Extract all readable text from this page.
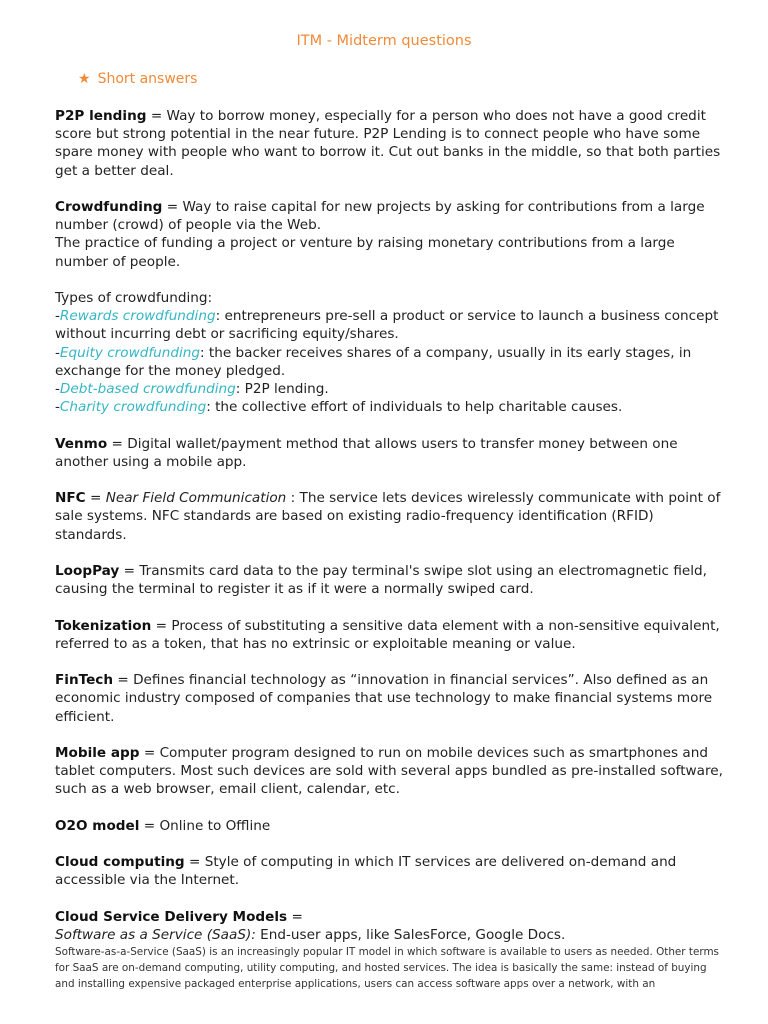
ITM - Midterm questions
★ Short answers

P2P lending = Way to borrow money, especially for a person who does not have a good credit score but strong potential in the near future. P2P Lending is to connect people who have some spare money with people who want to borrow it. Cut out banks in the middle, so that both parties get a better deal.

Crowdfunding = Way to raise capital for new projects by asking for contributions from a large number (crowd) of people via the Web.

The practice of funding a project or venture by raising monetary contributions from a large number of people.

Types of crowdfunding:
-Rewards crowdfunding: entrepreneurs pre-sell a product or service to launch a business concept without incurring debt or sacrificing equity/shares.
-Equity crowdfunding: the backer receives shares of a company, usually in its early stages, in exchange for the money pledged.
-Debt-based crowdfunding: P2P lending.
-Charity crowdfunding: the collective effort of individuals to help charitable causes.

Venmo = Digital wallet/payment method that allows users to transfer money between one another using a mobile app.

NFC = Near Field Communication : The service lets devices wirelessly communicate with point of sale systems. NFC standards are based on existing radio-frequency identification (RFID) standards.

LoopPay = Transmits card data to the pay terminal's swipe slot using an electromagnetic field, causing the terminal to register it as if it were a normally swiped card.

Tokenization = Process of substituting a sensitive data element with a non-sensitive equivalent, referred to as a token, that has no extrinsic or exploitable meaning or value.

FinTech = Defines financial technology as “innovation in financial services”. Also defined as an economic industry composed of companies that use technology to make financial systems more efficient.

Mobile app = Computer program designed to run on mobile devices such as smartphones and tablet computers. Most such devices are sold with several apps bundled as pre-installed software, such as a web browser, email client, calendar, etc.

O2O model = Online to Offline

Cloud computing = Style of computing in which IT services are delivered on-demand and accessible via the Internet.

Cloud Service Delivery Models =
Software as a Service (SaaS): End-user apps, like SalesForce, Google Docs.

Software-as-a-Service (SaaS) is an increasingly popular IT model in which software is available to users as needed. Other terms for SaaS are on-demand computing, utility computing, and hosted services. The idea is basically the same: instead of buying and installing expensive packaged enterprise applications, users can access software apps over a network, with an
